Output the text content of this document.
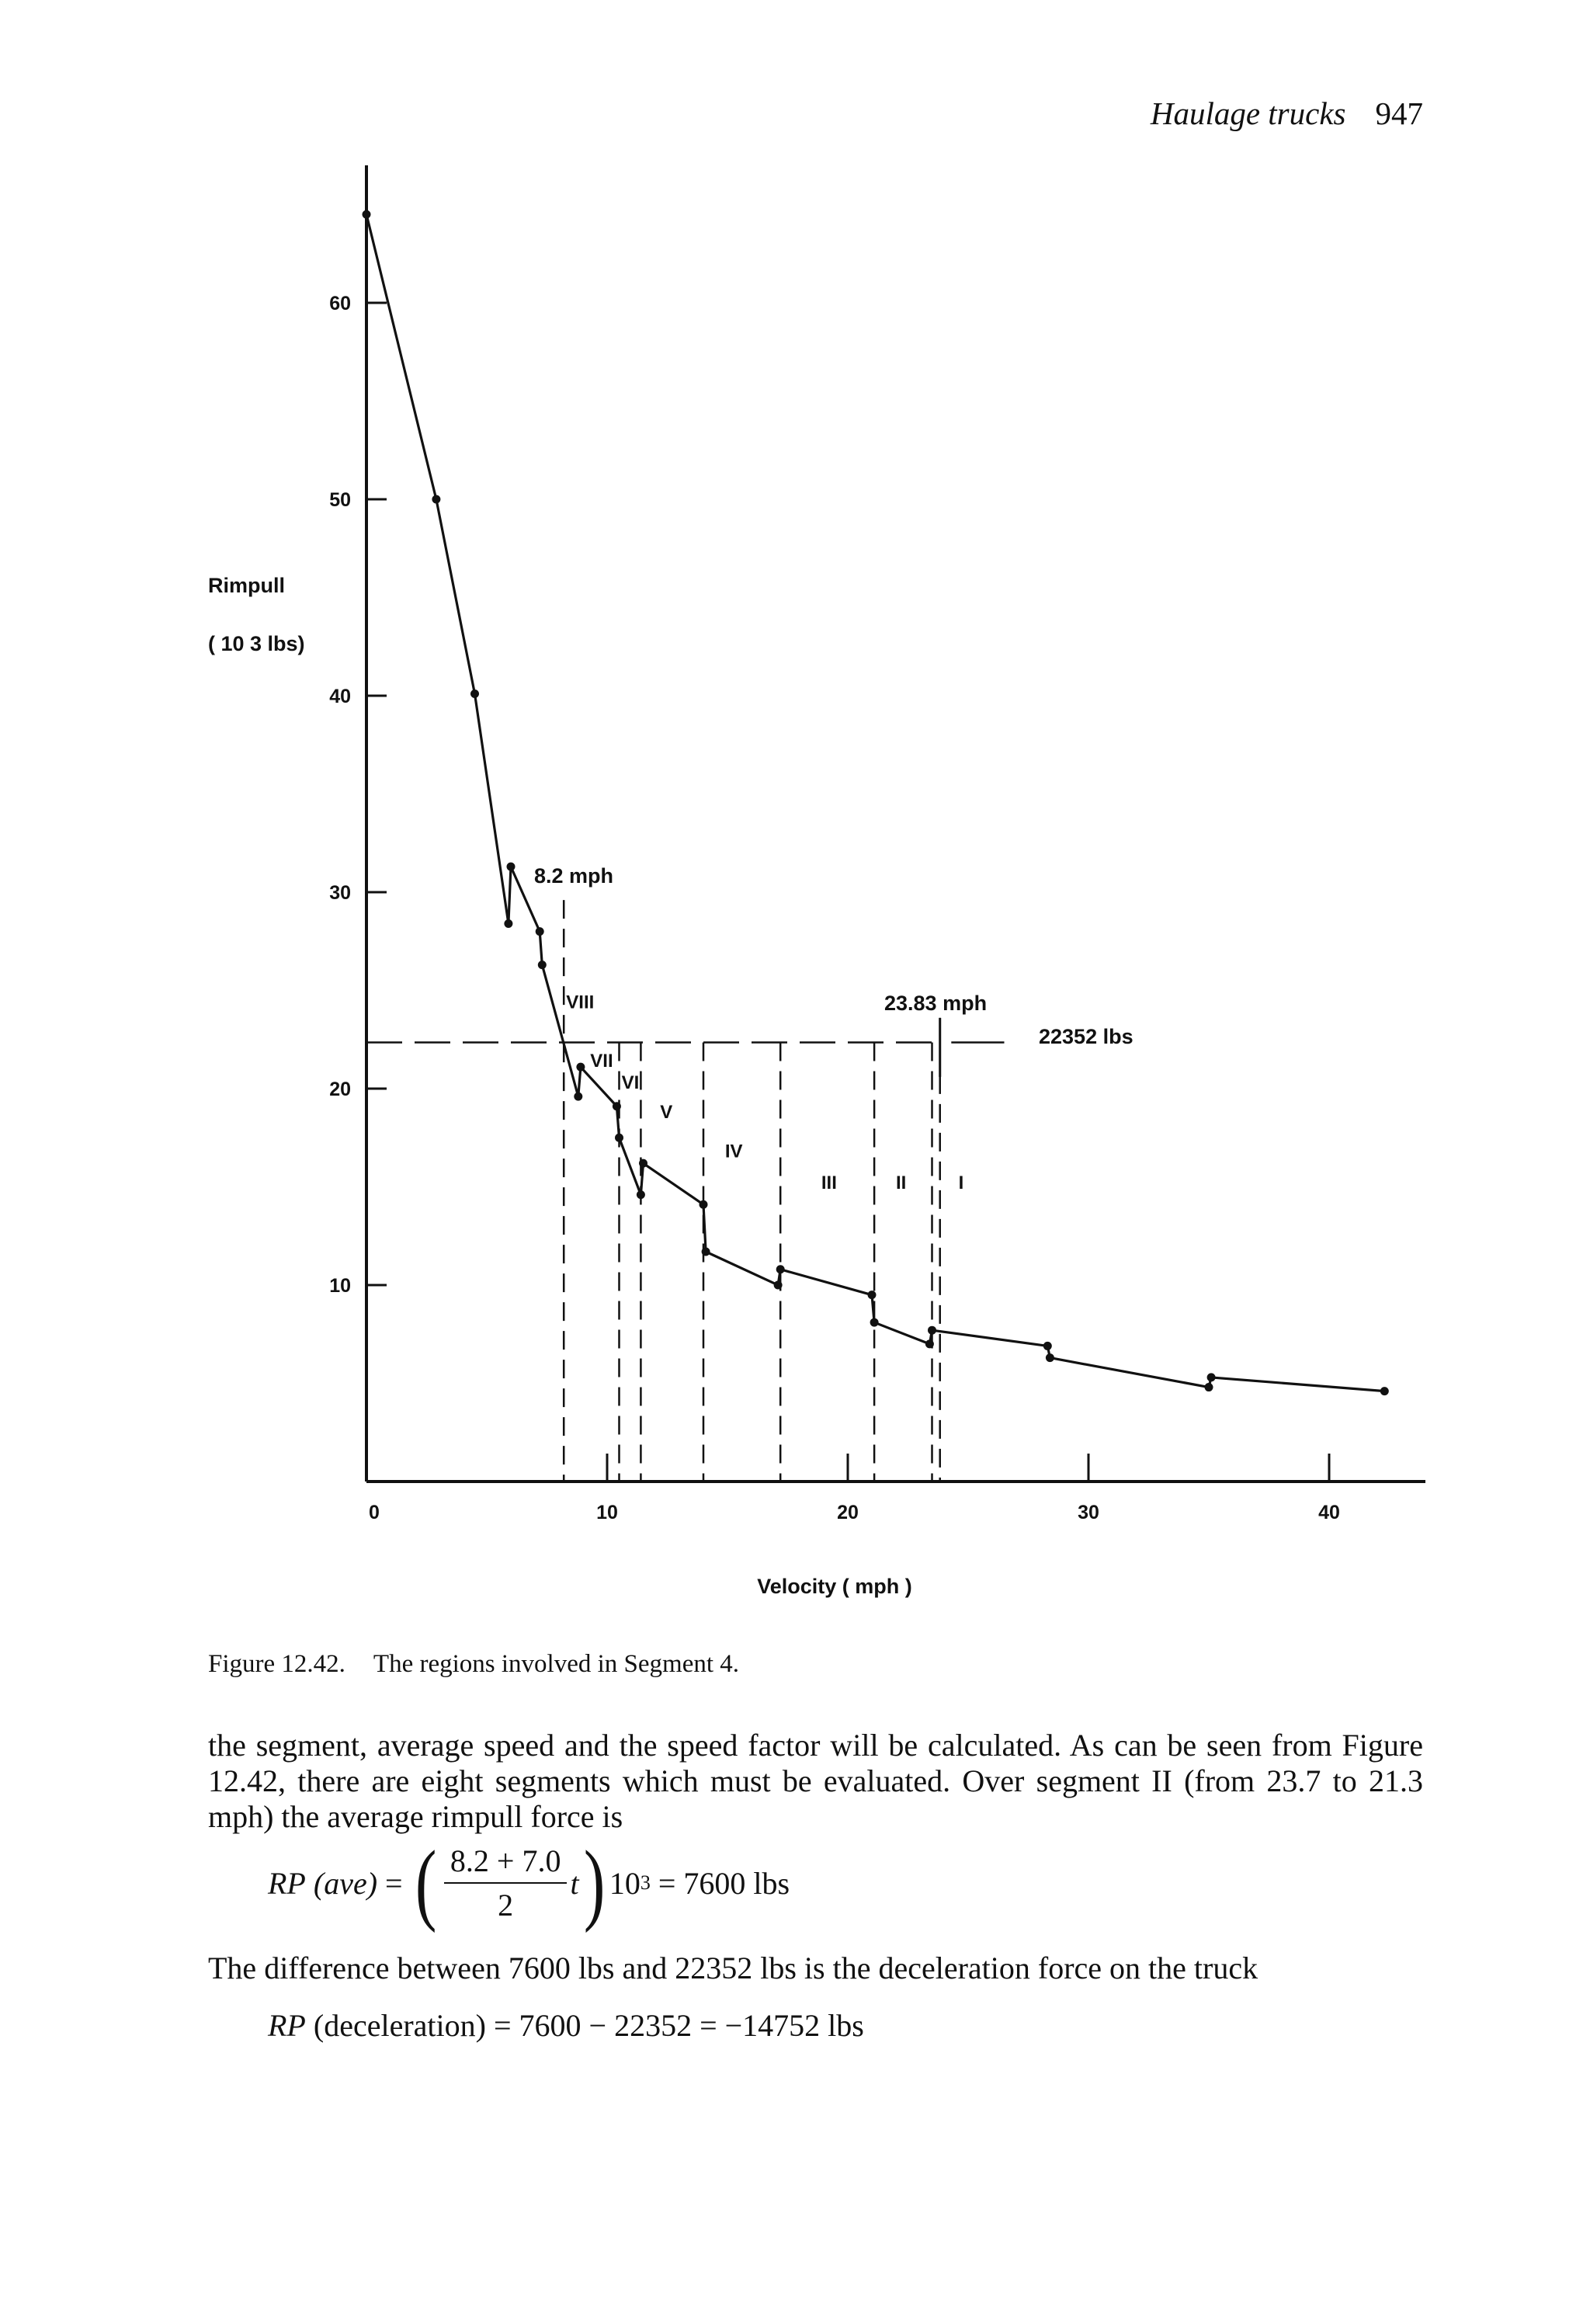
Haulage trucks 947
Rimpull
( 10 3 lbs)
Velocity ( mph )
22352 lbs
8.2 mph
23.83 mph
0	10	20	30	40
10
20
30
40
50
60
VIII
VII
VI
V
IV
III	II	I
Figure 12.42. The regions involved in Segment 4.
the segment, average speed and the speed factor will be calculated. As can be seen from Figure 12.42, there are eight segments which must be evaluated. Over segment II (from 23.7 to 21.3 mph) the average rimpull force is
RP
(ave)
=
( $\frac{8.2 + 7.0}{2}$ t ) 10 3
= 7600 lbs
The difference between 7600 lbs and 22352 lbs is the deceleration force on the truck
RP (deceleration) = 7600 − 22352 = −14752 lbs
